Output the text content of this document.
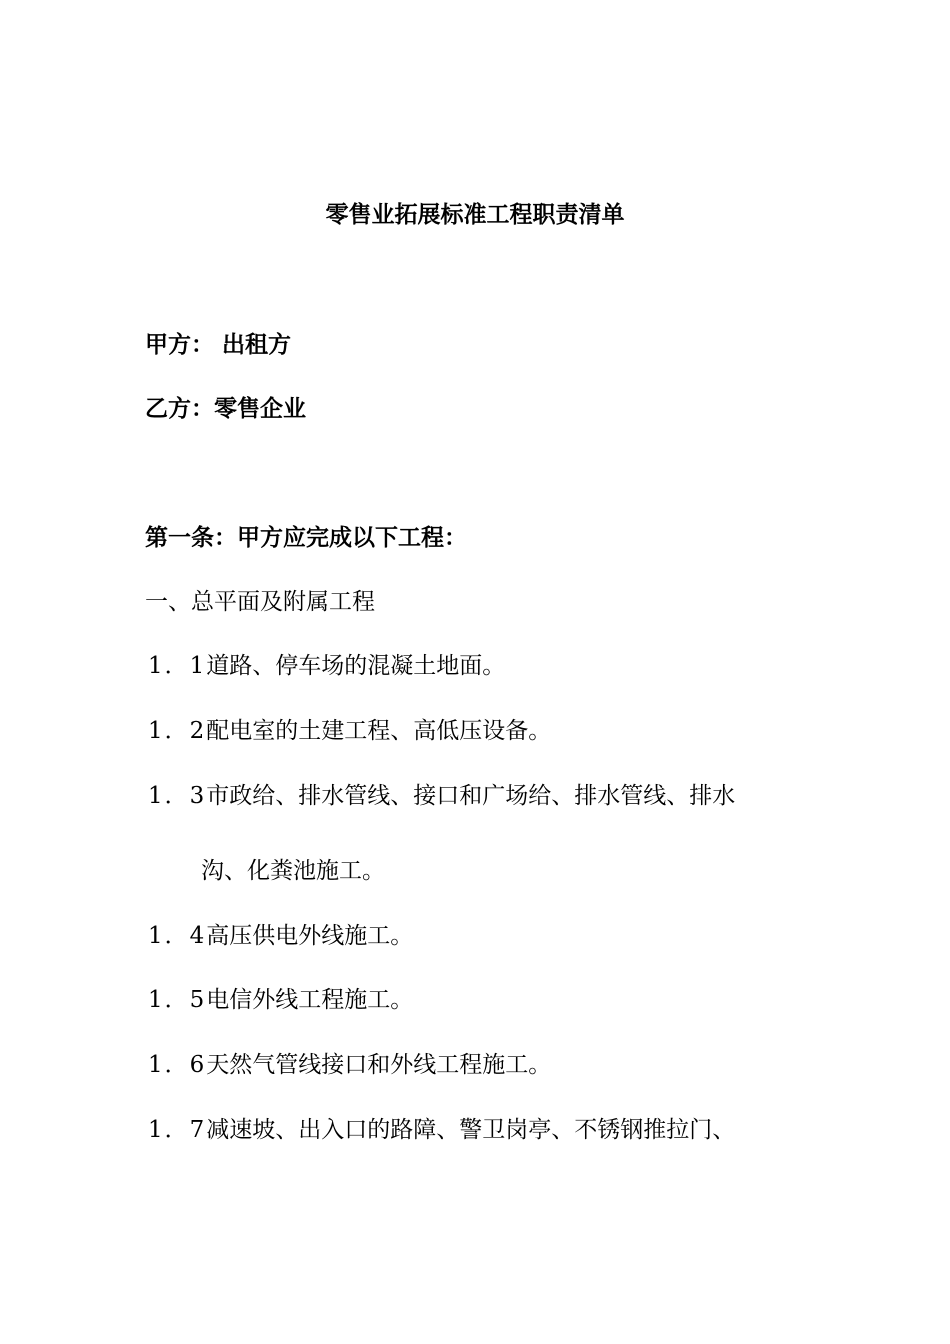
零售业拓展标准工程职责清单
甲方： 出租方
乙方：零售企业
第一条：甲方应完成以下工程：
一、总平面及附属工程
1．1道路、停车场的混凝土地面。
1．2配电室的土建工程、高低压设备。
1．3市政给、排水管线、接口和广场给、排水管线、排水
沟、化粪池施工。
1．4高压供电外线施工。
1．5电信外线工程施工。
1．6天然气管线接口和外线工程施工。
1．7减速坡、出入口的路障、警卫岗亭、不锈钢推拉门、
